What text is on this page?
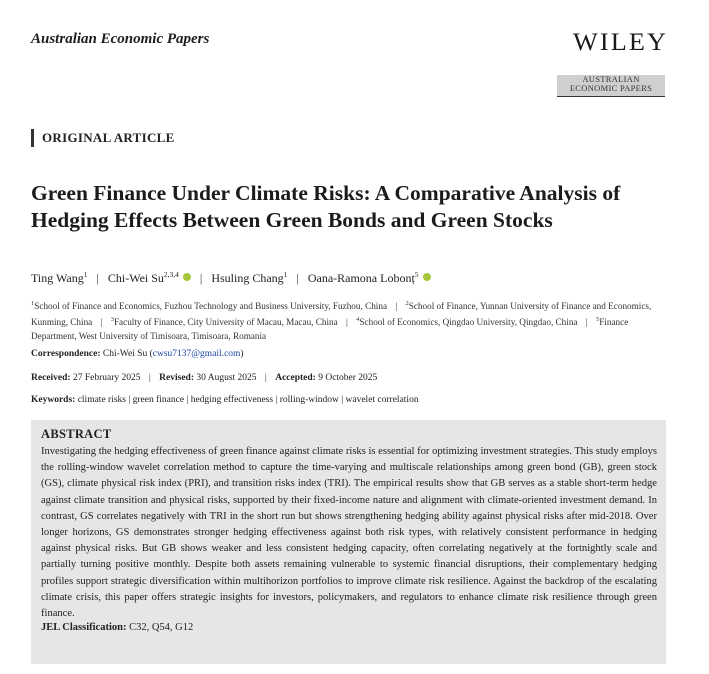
Australian Economic Papers	WILEY
AUSTRALIAN
ECONOMIC PAPERS
ORIGINAL ARTICLE
Green Finance Under Climate Risks: A Comparative Analysis of Hedging Effects Between Green Bonds and Green Stocks
Ting Wang$^1$ | Chi-Wei Su$^{2,3,4}$ | Hsuling Chang$^1$ | Oana-Ramona Lobonț$^5$
$^1$School of Finance and Economics, Fuzhou Technology and Business University, Fuzhou, China | $^2$School of Finance, Yunnan University of Finance and Economics, Kunming, China | $^3$Faculty of Finance, City University of Macau, Macau, China | $^4$School of Economics, Qingdao University, Qingdao, China | $^5$Finance Department, West University of Timisoara, Timisoara, Romania
Correspondence: Chi-Wei Su (cwsu7137@gmail.com)
Received: 27 February 2025 | Revised: 30 August 2025 | Accepted: 9 October 2025
Keywords: climate risks | green finance | hedging effectiveness | rolling-window | wavelet correlation
ABSTRACT
Investigating the hedging effectiveness of green finance against climate risks is essential for optimizing investment strategies. This study employs the rolling-window wavelet correlation method to capture the time-varying and multiscale relationships among green bond (GB), green stock (GS), climate physical risk index (PRI), and transition risks index (TRI). The empirical results show that GB serves as a stable short-term hedge against climate transition and physical risks, supported by their fixed-income nature and alignment with climate-oriented investment demand. In contrast, GS correlates negatively with TRI in the short run but shows strengthening hedging ability against physical risks after mid-2018. Over longer horizons, GS demonstrates stronger hedging effectiveness against both risk types, with relatively consistent performance in hedging against physical risks. But GB shows weaker and less consistent hedging capacity, often correlating negatively at the fortnightly scale and partially turning positive monthly. Despite both assets remaining vulnerable to systemic financial disruptions, their complementary hedging profiles support strategic diversification within multihorizon portfolios to improve climate risk resilience. Against the backdrop of the escalating climate crisis, this paper offers strategic insights for investors, policymakers, and regulators to enhance climate risk resilience through green finance.
JEL Classification: C32, Q54, G12
